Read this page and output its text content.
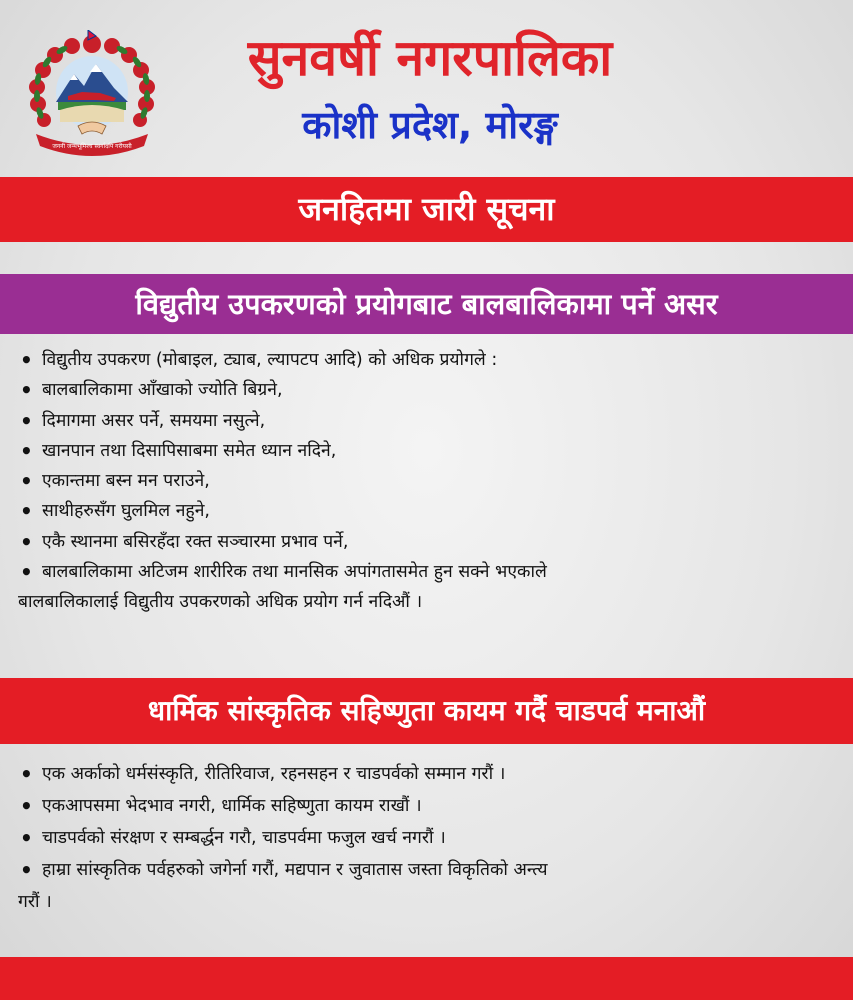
जननी जन्मभूमिश्च स्वर्गादपि गरीयसी
सुनवर्षी नगरपालिका
कोशी प्रदेश, मोरङ्ग
जनहितमा जारी सूचना
विद्युतीय उपकरणको प्रयोगबाट बालबालिकामा पर्ने असर
• विद्युतीय उपकरण (मोबाइल, ट्याब, ल्यापटप आदि) को अधिक प्रयोगले :
• बालबालिकामा आँखाको ज्योति बिग्रने,
• दिमागमा असर पर्ने, समयमा नसुत्ने,
• खानपान तथा दिसापिसाबमा समेत ध्यान नदिने,
• एकान्तमा बस्न मन पराउने,
• साथीहरुसँग घुलमिल नहुने,
• एकै स्थानमा बसिरहँदा रक्त सञ्चारमा प्रभाव पर्ने,
• बालबालिकामा अटिजम शारीरिक तथा मानसिक अपांगतासमेत हुन सक्ने भएकाले
बालबालिकालाई विद्युतीय उपकरणको अधिक प्रयोग गर्न नदिऔं ।
धार्मिक सांस्कृतिक सहिष्णुता कायम गर्दै चाडपर्व मनाऔं
• एक अर्काको धर्मसंस्कृति, रीतिरिवाज, रहनसहन र चाडपर्वको सम्मान गरौं ।
• एकआपसमा भेदभाव नगरी, धार्मिक सहिष्णुता कायम राखौं ।
• चाडपर्वको संरक्षण र सम्बर्द्धन गरौ, चाडपर्वमा फजुल खर्च नगरौं ।
• हाम्रा सांस्कृतिक पर्वहरुको जगेर्ना गरौं, मद्यपान र जुवातास जस्ता विकृतिको अन्त्य
गरौं ।
